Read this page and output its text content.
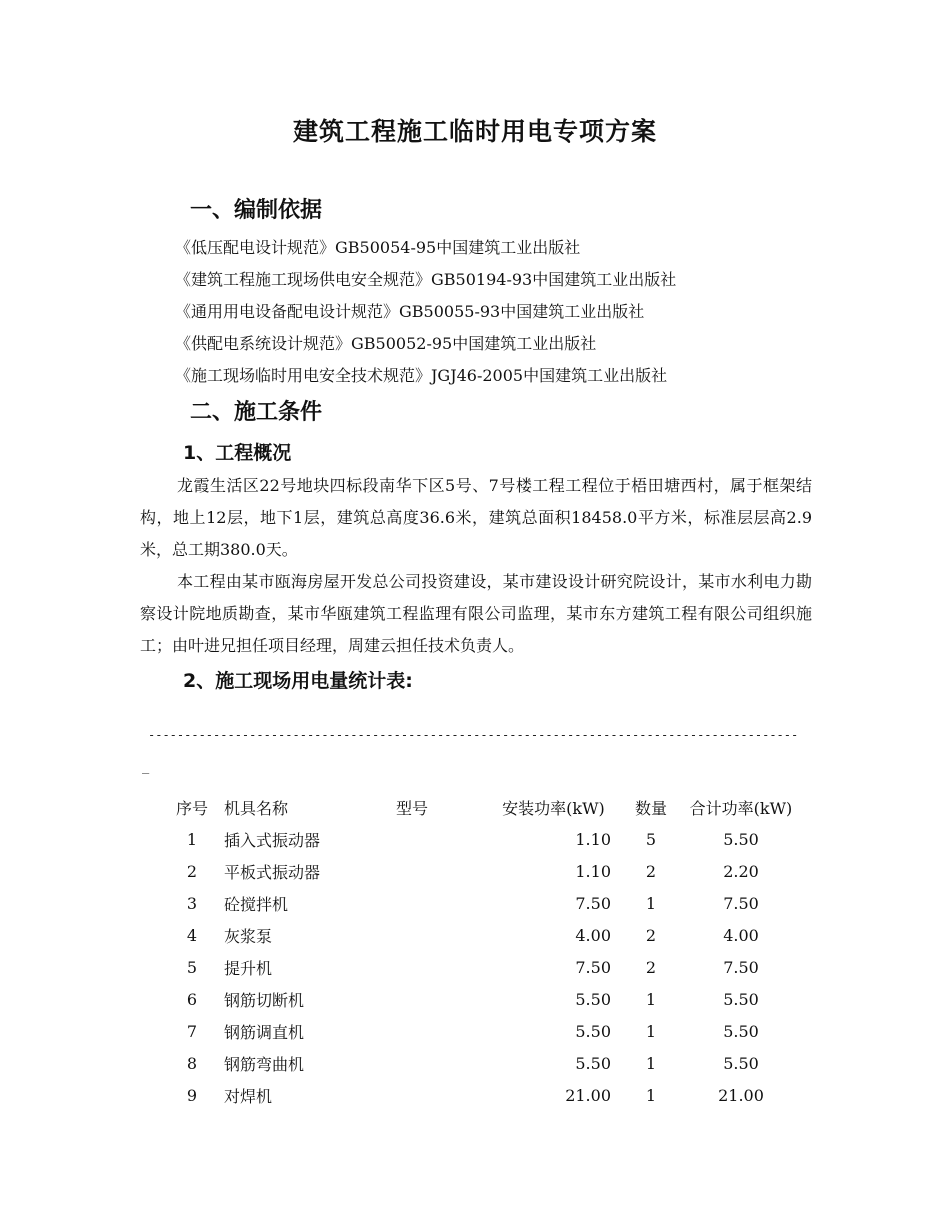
建筑工程施工临时用电专项方案
一、编制依据
《低压配电设计规范》GB50054-95中国建筑工业出版社
《建筑工程施工现场供电安全规范》GB50194-93中国建筑工业出版社
《通用用电设备配电设计规范》GB50055-93中国建筑工业出版社
《供配电系统设计规范》GB50052-95中国建筑工业出版社
《施工现场临时用电安全技术规范》JGJ46-2005中国建筑工业出版社
二、施工条件
1、工程概况
龙霞生活区22号地块四标段南华下区5号、7号楼工程工程位于梧田塘西村，属于框架结构，地上12层，地下1层，建筑总高度36.6米，建筑总面积18458.0平方米，标准层层高2.9米，总工期380.0天。
本工程由某市瓯海房屋开发总公司投资建设，某市建设设计研究院设计，某市水利电力勘察设计院地质勘查，某市华瓯建筑工程监理有限公司监理，某市东方建筑工程有限公司组织施工；由叶进兄担任项目经理，周建云担任技术负责人。
2、施工现场用电量统计表:
------------------------------------------------------------------------------------------
_
序号	机具名称	型号	安装功率(kW)	数量	合计功率(kW)
1	插入式振动器		1.10	5	5.50
2	平板式振动器		1.10	2	2.20
3	砼搅拌机		7.50	1	7.50
4	灰浆泵		4.00	2	4.00
5	提升机		7.50	2	7.50
6	钢筋切断机		5.50	1	5.50
7	钢筋调直机		5.50	1	5.50
8	钢筋弯曲机		5.50	1	5.50
9	对焊机		21.00	1	21.00
